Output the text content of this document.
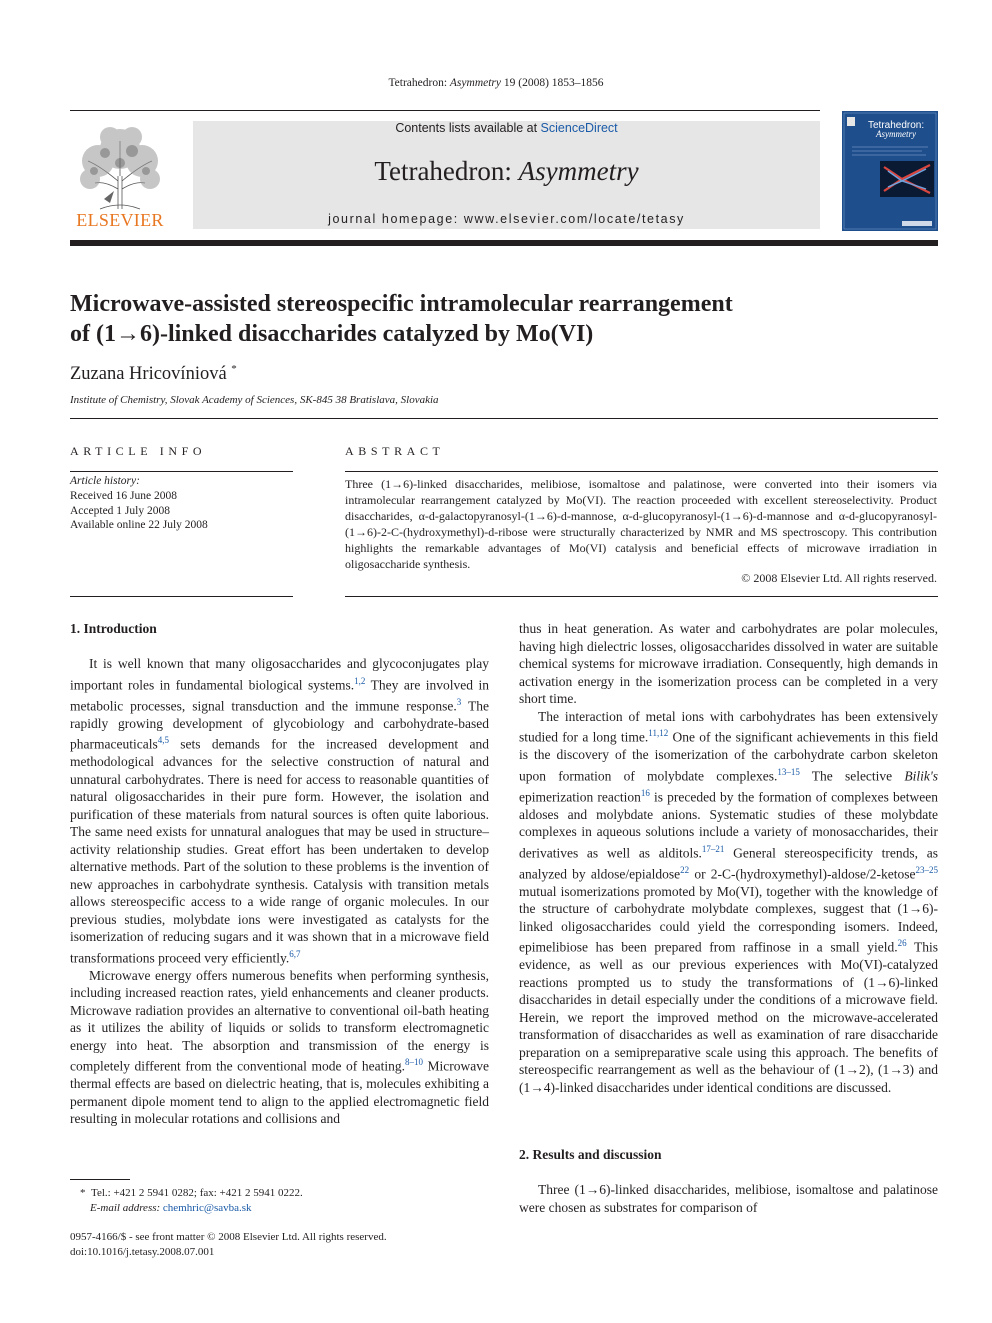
Tetrahedron: Asymmetry 19 (2008) 1853–1856
ELSEVIER
Contents lists available at ScienceDirect
Tetrahedron: Asymmetry
journal homepage: www.elsevier.com/locate/tetasy
Tetrahedron:
Asymmetry
Microwave-assisted stereospecific intramolecular rearrangement
of (1→6)-linked disaccharides catalyzed by Mo(VI)
Zuzana Hricovíniová *
Institute of Chemistry, Slovak Academy of Sciences, SK-845 38 Bratislava, Slovakia
ARTICLE INFO
Article history:
Received 16 June 2008
Accepted 1 July 2008
Available online 22 July 2008
ABSTRACT
Three (1→6)-linked disaccharides, melibiose, isomaltose and palatinose, were converted into their isomers via intramolecular rearrangement catalyzed by Mo(VI). The reaction proceeded with excellent stereoselectivity. Product disaccharides, α-d-galactopyranosyl-(1→6)-d-mannose, α-d-glucopyranosyl-(1→6)-d-mannose and α-d-glucopyranosyl-(1→6)-2-C-(hydroxymethyl)-d-ribose were structurally characterized by NMR and MS spectroscopy. This contribution highlights the remarkable advantages of Mo(VI) catalysis and beneficial effects of microwave irradiation in oligosaccharide synthesis.
© 2008 Elsevier Ltd. All rights reserved.
1. Introduction

It is well known that many oligosaccharides and glycoconjugates play important roles in fundamental biological systems.$^{1,2}$ They are involved in metabolic processes, signal transduction and the immune response.$^3$ The rapidly growing development of glycobiology and carbohydrate-based pharmaceuticals$^{4,5}$ sets demands for the increased development and methodological advances for the selective construction of natural and unnatural carbohydrates. There is need for access to reasonable quantities of natural oligosaccharides in their pure form. However, the isolation and purification of these materials from natural sources is often quite laborious. The same need exists for unnatural analogues that may be used in structure–activity relationship studies. Great effort has been undertaken to develop alternative methods. Part of the solution to these problems is the invention of new approaches in carbohydrate synthesis. Catalysis with transition metals allows stereospecific access to a wide range of organic molecules. In our previous studies, molybdate ions were investigated as catalysts for the isomerization of reducing sugars and it was shown that in a microwave field transformations proceed very efficiently.$^{6,7}$

Microwave energy offers numerous benefits when performing synthesis, including increased reaction rates, yield enhancements and cleaner products. Microwave radiation provides an alternative to conventional oil-bath heating as it utilizes the ability of liquids or solids to transform electromagnetic energy into heat. The absorption and transmission of the energy is completely different from the conventional mode of heating.$^{8-10}$ Microwave thermal effects are based on dielectric heating, that is, molecules exhibiting a permanent dipole moment tend to align to the applied electromagnetic field resulting in molecular rotations and collisions and

thus in heat generation. As water and carbohydrates are polar molecules, having high dielectric losses, oligosaccharides dissolved in water are suitable chemical systems for microwave irradiation. Consequently, high demands in activation energy in the isomerization process can be completed in a very short time.

The interaction of metal ions with carbohydrates has been extensively studied for a long time.$^{11,12}$ One of the significant achievements in this field is the discovery of the isomerization of the carbohydrate carbon skeleton upon formation of molybdate complexes.$^{13-15}$ The selective Bilik's epimerization reaction$^{16}$ is preceded by the formation of complexes between aldoses and molybdate anions. Systematic studies of these molybdate complexes in aqueous solutions include a variety of monosaccharides, their derivatives as well as alditols.$^{17-21}$ General stereospecificity trends, as analyzed by aldose/epialdose$^{22}$ or 2-C-(hydroxymethyl)-aldose/2-ketose$^{23-25}$ mutual isomerizations promoted by Mo(VI), together with the knowledge of the structure of carbohydrate molybdate complexes, suggest that (1→6)-linked oligosaccharides could yield the corresponding isomers. Indeed, epimelibiose has been prepared from raffinose in a small yield.$^{26}$ This evidence, as well as our previous experiences with Mo(VI)-catalyzed reactions prompted us to study the transformations of (1→6)-linked disaccharides in detail especially under the conditions of a microwave field. Herein, we report the improved method on the microwave-accelerated transformation of disaccharides as well as examination of rare disaccharide preparation on a semipreparative scale using this approach. The benefits of stereospecific rearrangement as well as the behaviour of (1→2), (1→3) and (1→4)-linked disaccharides under identical conditions are discussed.

2. Results and discussion

Three (1→6)-linked disaccharides, melibiose, isomaltose and palatinose were chosen as substrates for comparison of

* Tel.: +421 2 5941 0282; fax: +421 2 5941 0222.
E-mail address: chemhric@savba.sk
0957-4166/$ - see front matter © 2008 Elsevier Ltd. All rights reserved.
doi:10.1016/j.tetasy.2008.07.001
